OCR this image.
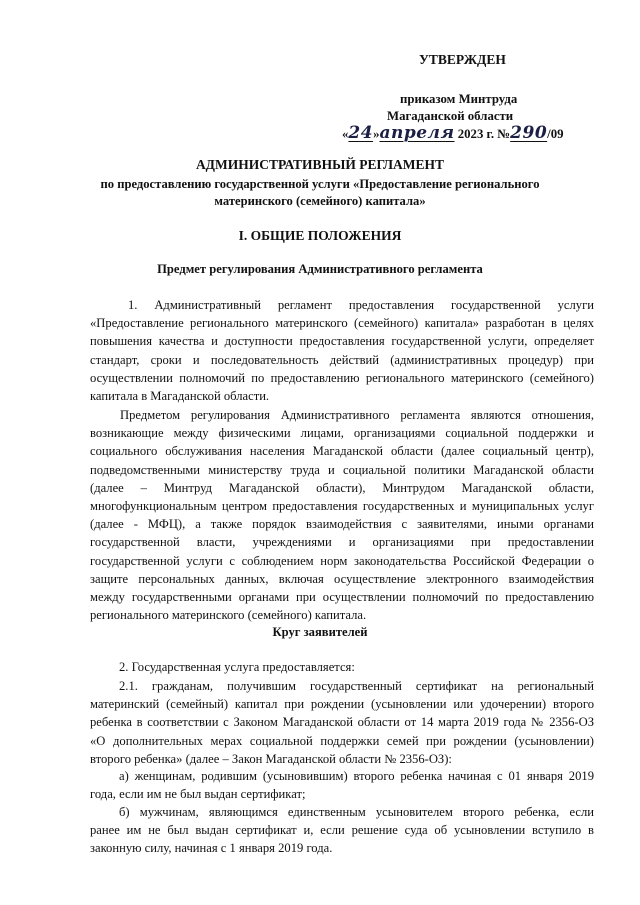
УТВЕРЖДЕН
приказом Минтруда
Магаданской области
«24»апреля 2023 г. №290/09
АДМИНИСТРАТИВНЫЙ РЕГЛАМЕНТ
по предоставлению государственной услуги «Предоставление регионального
материнского (семейного) капитала»
I. ОБЩИЕ ПОЛОЖЕНИЯ
Предмет регулирования Административного регламента
1. Административный регламент предоставления государственной услуги
«Предоставление регионального материнского (семейного) капитала» разработан в целях
повышения качества и доступности предоставления государственной услуги, определяет
стандарт, сроки и последовательность действий (административных процедур) при
осуществлении полномочий по предоставлению регионального материнского (семейного)
капитала в Магаданской области.
Предметом регулирования Административного регламента являются отношения,
возникающие между физическими лицами, организациями социальной поддержки и
социального обслуживания населения Магаданской области (далее социальный центр),
подведомственными министерству труда и социальной политики Магаданской области
(далее – Минтруд Магаданской области), Минтрудом Магаданской области,
многофункциональным центром предоставления государственных и муниципальных услуг
(далее - МФЦ), а также порядок взаимодействия с заявителями, иными органами
государственной власти, учреждениями и организациями при предоставлении
государственной услуги с соблюдением норм законодательства Российской Федерации о
защите персональных данных, включая осуществление электронного взаимодействия
между государственными органами при осуществлении полномочий по предоставлению
регионального материнского (семейного) капитала.
Круг заявителей
2. Государственная услуга предоставляется:
2.1. гражданам, получившим государственный сертификат на региональный
материнский (семейный) капитал при рождении (усыновлении или удочерении) второго
ребенка в соответствии с Законом Магаданской области от 14 марта 2019 года № 2356-ОЗ
«О дополнительных мерах социальной поддержки семей при рождении (усыновлении)
второго ребенка» (далее – Закон Магаданской области № 2356-ОЗ):
а) женщинам, родившим (усыновившим) второго ребенка начиная с 01 января 2019
года, если им не был выдан сертификат;
б) мужчинам, являющимся единственным усыновителем второго ребенка, если
ранее им не был выдан сертификат и, если решение суда об усыновлении вступило в
законную силу, начиная с 1 января 2019 года.
